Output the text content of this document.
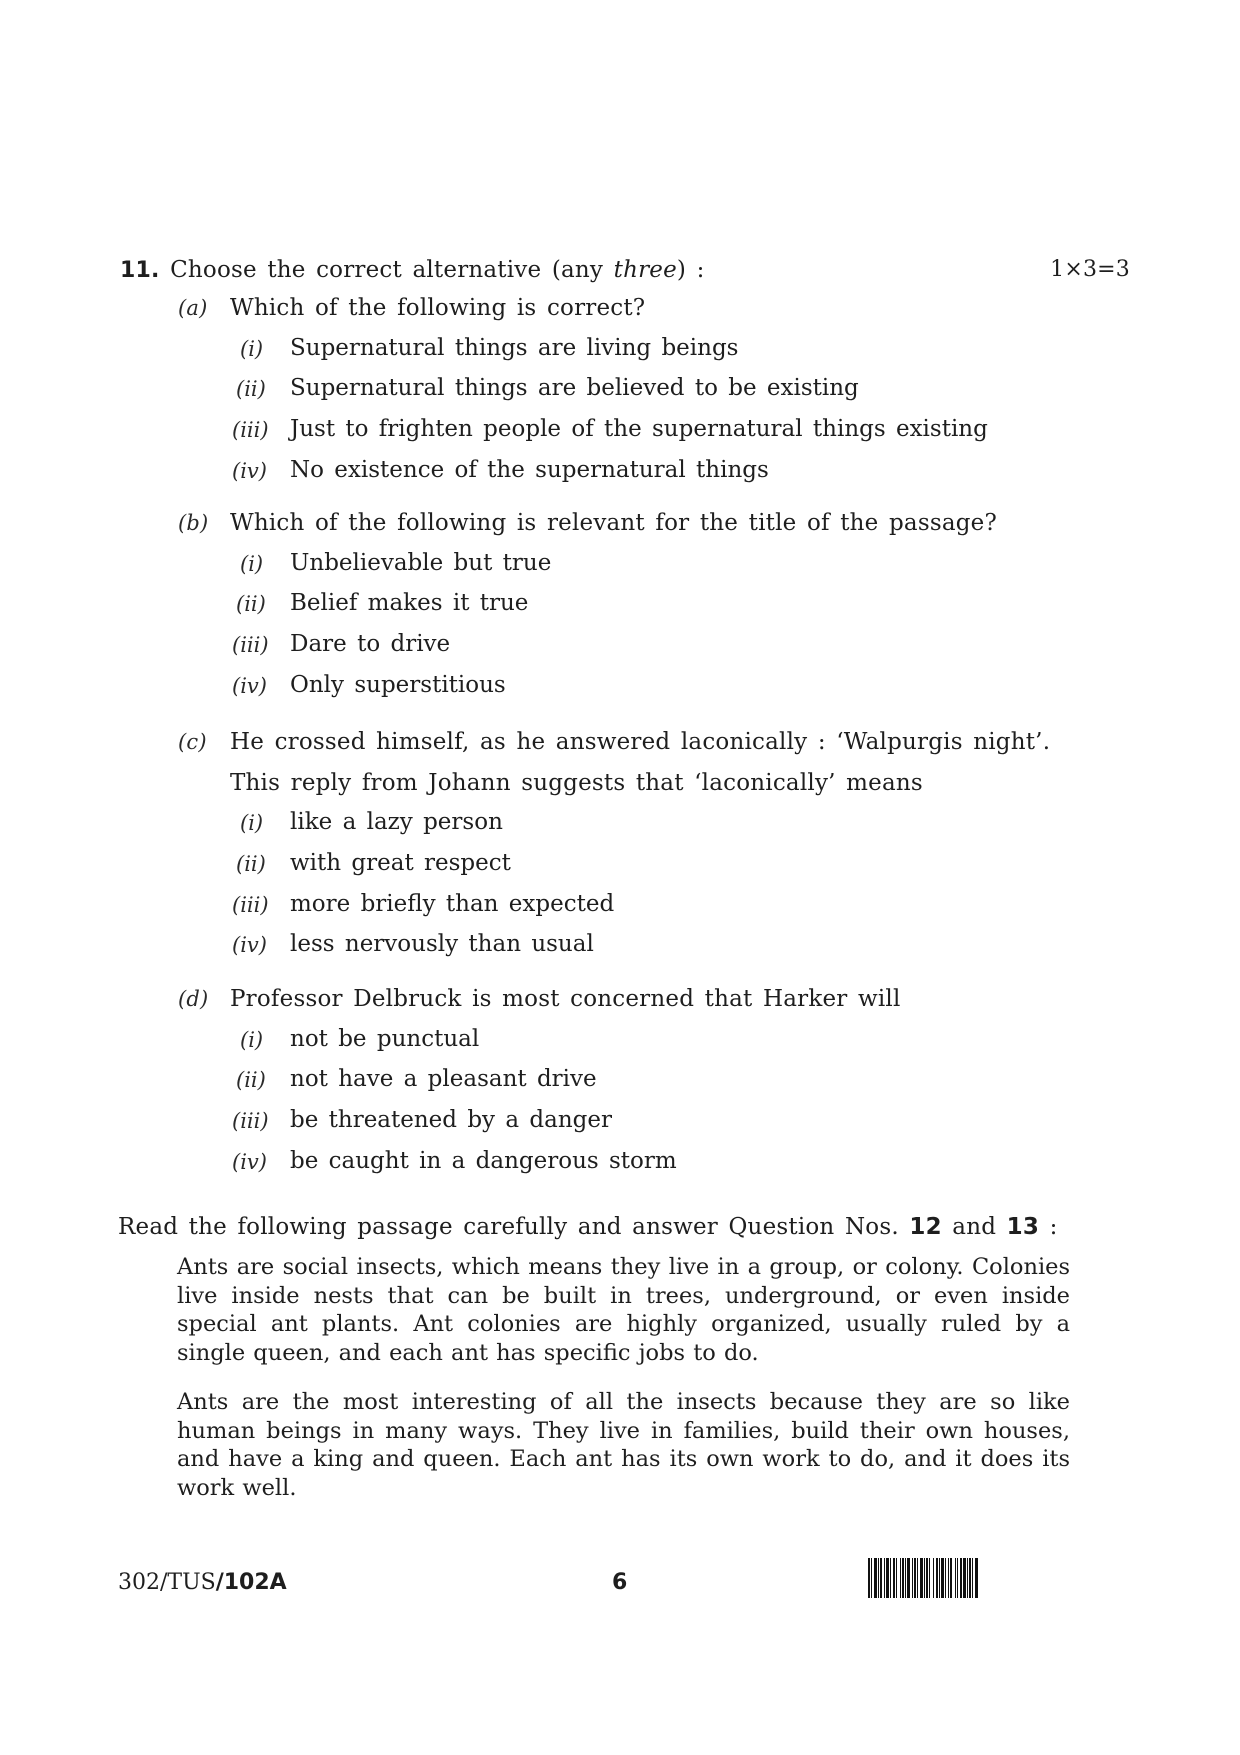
11. Choose the correct alternative (any three) :	1×3=3
(a) Which of the following is correct?
(i) Supernatural things are living beings
(ii) Supernatural things are believed to be existing
(iii) Just to frighten people of the supernatural things existing
(iv) No existence of the supernatural things
(b) Which of the following is relevant for the title of the passage?
(i) Unbelievable but true
(ii) Belief makes it true
(iii) Dare to drive
(iv) Only superstitious
(c) He crossed himself, as he answered laconically : ‘Walpurgis night’.
This reply from Johann suggests that ‘laconically’ means
(i) like a lazy person
(ii) with great respect
(iii) more briefly than expected
(iv) less nervously than usual
(d) Professor Delbruck is most concerned that Harker will
(i) not be punctual
(ii) not have a pleasant drive
(iii) be threatened by a danger
(iv) be caught in a dangerous storm
Read the following passage carefully and answer Question Nos. 12 and 13 :

Ants are social insects, which means they live in a group, or colony. Colonies live inside nests that can be built in trees, underground, or even inside special ant plants. Ant colonies are highly organized, usually ruled by a single queen, and each ant has specific jobs to do.

Ants are the most interesting of all the insects because they are so like human beings in many ways. They live in families, build their own houses, and have a king and queen. Each ant has its own work to do, and it does its work well.

302/TUS/102A	6
